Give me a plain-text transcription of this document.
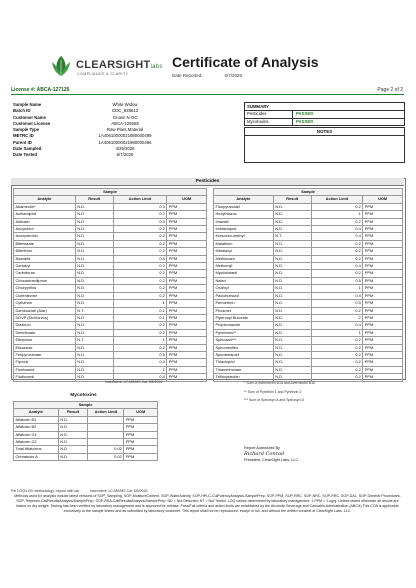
CLEARSIGHTlabs
COMPLIANCE & CLARITY
Certificate of Analysis
Date Reported:	5/7/2026
License #: ABCA-127126	Page 2 of 2
Sample Name	White Widow
Batch ID	GDC_838613
Customer Name	Grown N OC
Customer License	ABCA-126559
Sample Type	Raw Plant Material
METRC ID	1A40610000021980000499
Parent ID	1A40610000021980000496
Date Sampled	4/29/2026
Date Tested	5/7/2026
SUMMARY
Pesticides	PASSED
Mycotoxins	PASSED
NOTES
Pesticides
Sample			
Analyte	Result	Action Limit	UOM
Abamectin*	N.D.	0.3	PPM
Acetamiprid	N.D.	0.2	PPM
Aldicarb	N.D.	0.4	PPM
Ancymidol	N.D.	0.2	PPM
Azoxystrobin	N.D.	0.2	PPM
Bifenazate	N.D.	0.2	PPM
Bifenthrin	N.D.	0.2	PPM
Boscalid	N.D.	0.4	PPM
Carbaryl	N.D.	0.2	PPM
Carbofuran	N.D.	0.2	PPM
Chlorantraniliprole	N.D.	0.2	PPM
Chlorpyrifos	N.D.	0.2	PPM
Clofentezine	N.D.	0.2	PPM
Cyfluthrin	N.D.	1	PPM
Daminozide (Alar)	N.T.	0.1	PPM
DDVP (Dichlorvos)	N.D.	0.1	PPM
Diazinon	N.D.	0.2	PPM
Dimethoate	N.D.	0.2	PPM
Ethephon	N.T.	1	PPM
Etoxazole	N.D.	0.2	PPM
Fenpyroximate	N.D.	0.5	PPM
Fipronil	N.D.	0.4	PPM
Flonicamid	N.D.	1	PPM
Fludioxonil	N.D.	0.4	PPM
Sample			
Analyte	Result	Action Limit	UOM
Fluopyramidel	N.D.	0.2	PPM
Hexythiazox	N.D.	1	PPM
Imazalil	N.D.	0.2	PPM
Imidacloprid	N.D.	0.4	PPM
Kresoxim-methyl	N.T.	0.4	PPM
Malathion	N.D.	0.2	PPM
Metalaxyl	N.D.	0.2	PPM
Methiocarb	N.D.	0.2	PPM
Methomyl	N.D.	0.4	PPM
Myclobutanil	N.D.	0.2	PPM
Naled	N.D.	0.5	PPM
Oxamyl	N.D.	1	PPM
Paclobutrazol	N.D.	0.4	PPM
Permethrin	N.D.	0.5	PPM
Phosmet	N.D.	0.2	PPM
Piperonyl Butoxide	N.D.	2	PPM
Propiconazole	N.D.	0.4	PPM
Pyrethrins**	N.D.	1	PPM
Spinosad***	N.D.	0.2	PPM
Spiromesifen	N.D.	0.2	PPM
Spirotetramet	N.D.	0.2	PPM
Thiacloprid	N.D.	0.2	PPM
Thiamethoxam	N.D.	0.2	PPM
Trifloxystrobin	N.D.	0.2	PPM
Instrument: LC-MS/MS Cal: 5/5/2026	* Sum of Avermectin B1a and Avermectin B1b
** Sum of Pyrethrin 1 and Pyrethrin 2
*** Sum of Spinosyn A and Spinosyn D
Mycotoxins
Sample			
Analyte	Result	Action Limit	UOM
Aflatoxin B1	N.D.		PPM
Aflatoxin B2	N.D.		PPM
Aflatoxin G1	N.D.		PPM
Aflatoxin G2	N.D.		PPM
Total Aflatoxins	N.D.	0.02	PPM
Ochratoxin A	N.D.	0.02	PPM
Instrument: LC-MS/MS Cal: 5/5/2026
Report Authorized By
Richard Conrad
President, ClearSight Labs, LLC
Per LOQ/LOD methodology, inquire with lab
Methods used for analysis include latest versions of SOP_Sampling, SOP-MoistureContent, SOP-WaterActivity, SOP-HPLC-CulPotencyAnalysis-SamplePrep, SOP-PPM, SOP-RRC, SOP-NRC, SOP-RRC, SOP-DAL, SOP-General Procedures. SOP-Terpenes-Cal/ResultsAnalysis/SamplePrep, SOP-RSA-Cal/ResultsAnalysis/SamplePrep. ND = Not Detected, NT = Not Tested. LOQ values determined by laboratory management. 1 PPM = 1 ug/g. Unless stated otherwise all results are based on dry weight. Testing has been verified by laboratory management and is approved for release. Pass/Fail criteria and action limits are established by the Alcoholic Beverage and Cannabis Administration (ABCA) This COA is applicable exclusively to the sample tested and as submitted by laboratory customer. This report shall not be reproduced, except in full, and without the written consent of ClearSight Labs, LLC.
